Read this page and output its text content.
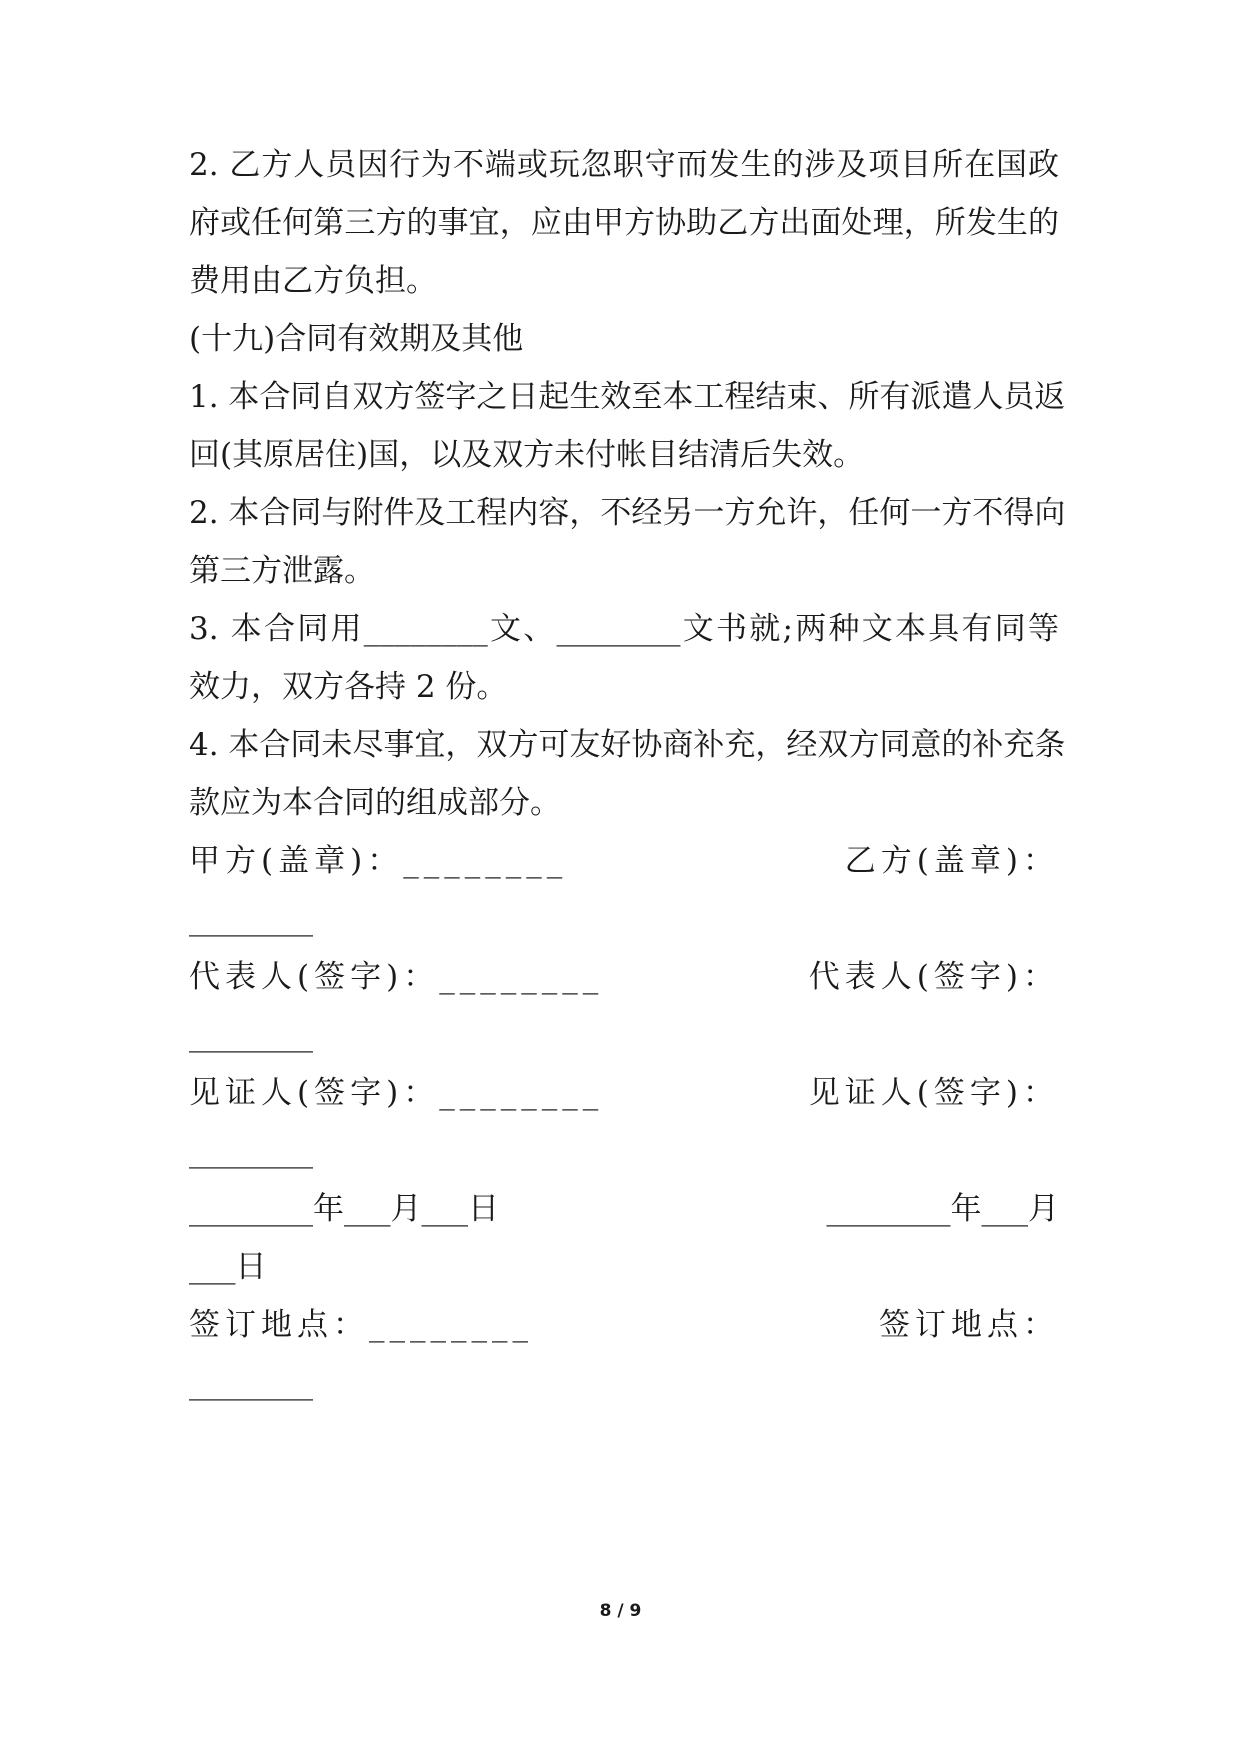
2. 乙方人员因行为不端或玩忽职守而发生的涉及项目所在国政
府或任何第三方的事宜，应由甲方协助乙方出面处理，所发生的
费用由乙方负担。
(十九)合同有效期及其他
1. 本合同自双方签字之日起生效至本工程结束、所有派遣人员返
回(其原居住)国，以及双方未付帐目结清后失效。
2. 本合同与附件及工程内容，不经另一方允许，任何一方不得向
第三方泄露。
3. 本合同用________文、________文书就;两种文本具有同等
效力，双方各持 2 份。
4. 本合同未尽事宜，双方可友好协商补充，经双方同意的补充条
款应为本合同的组成部分。
甲方(盖章)：________	乙方(盖章)：
________
代表人(签字)：________	代表人(签字)：
________
见证人(签字)：________	见证人(签字)：
________
________年___月___日	________年___月
___日
签订地点：________	签订地点：
________
8 / 9
